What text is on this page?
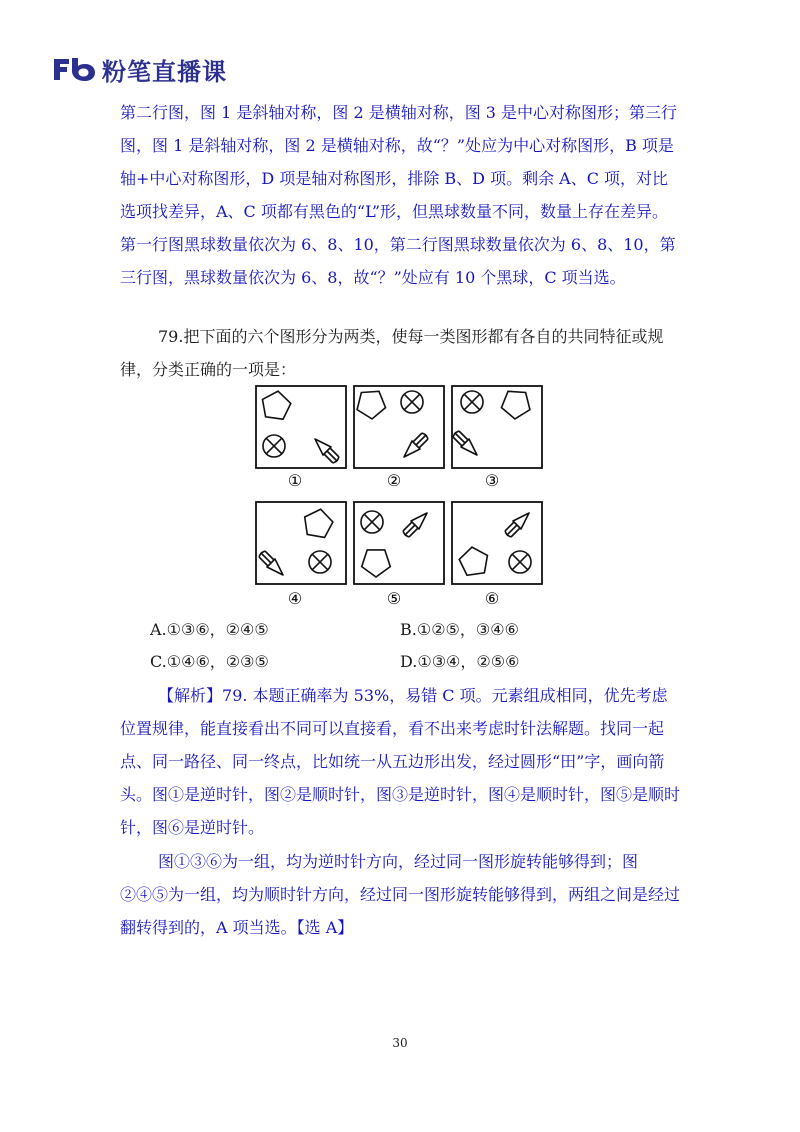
粉笔直播课

第二行图，图 1 是斜轴对称，图 2 是横轴对称，图 3 是中心对称图形；第三行图，图 1 是斜轴对称，图 2 是横轴对称，故“？”处应为中心对称图形，B 项是轴+中心对称图形，D 项是轴对称图形，排除 B、D 项。剩余 A、C 项，对比选项找差异，A、C 项都有黑色的“L”形，但黑球数量不同，数量上存在差异。第一行图黑球数量依次为 6、8、10，第二行图黑球数量依次为 6、8、10，第三行图，黑球数量依次为 6、8，故“？”处应有 10 个黑球，C 项当选。

79.把下面的六个图形分为两类，使每一类图形都有各自的共同特征或规律，分类正确的一项是：

①	②	③
④	⑤	⑥
A.①③⑥，②④⑤	B.①②⑤，③④⑥
C.①④⑥，②③⑤	D.①③④，②⑤⑥

【解析】79. 本题正确率为 53%，易错 C 项。元素组成相同，优先考虑位置规律，能直接看出不同可以直接看，看不出来考虑时针法解题。找同一起点、同一路径、同一终点，比如统一从五边形出发，经过圆形“田”字，画向箭头。图①是逆时针，图②是顺时针，图③是逆时针，图④是顺时针，图⑤是顺时针，图⑥是逆时针。

图①③⑥为一组，均为逆时针方向，经过同一图形旋转能够得到；图②④⑤为一组，均为顺时针方向，经过同一图形旋转能够得到，两组之间是经过翻转得到的，A 项当选。【选 A】

30
